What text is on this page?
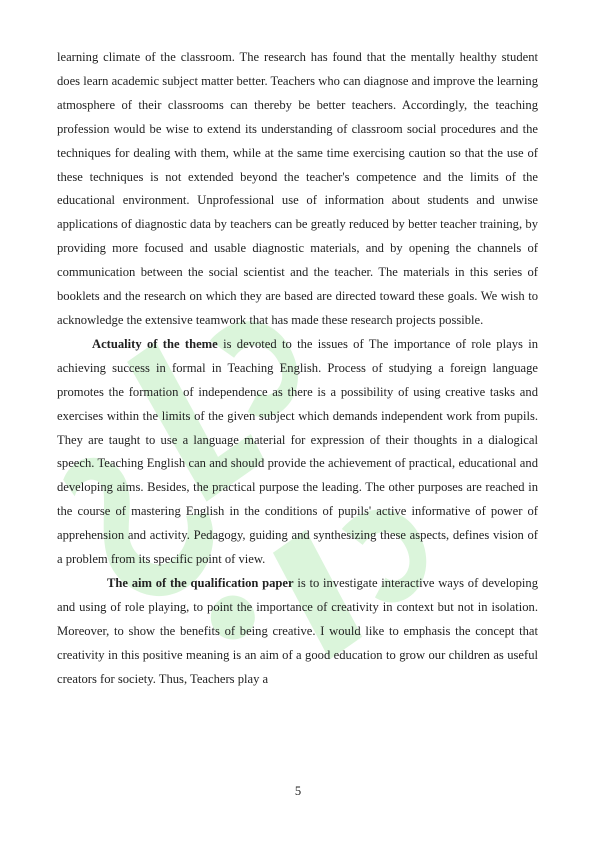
learning climate of the classroom. The research has found that the mentally healthy student does learn academic subject matter better. Teachers who can diagnose and improve the learning atmosphere of their classrooms can thereby be better teachers. Accordingly, the teaching profession would be wise to extend its understanding of classroom social procedures and the techniques for dealing with them, while at the same time exercising caution so that the use of these techniques is not extended beyond the teacher's competence and the limits of the educational environment. Unprofessional use of information about students and unwise applications of diagnostic data by teachers can be greatly reduced by better teacher training, by providing more focused and usable diagnostic materials, and by opening the channels of communication between the social scientist and the teacher. The materials in this series of booklets and the research on which they are based are directed toward these goals. We wish to acknowledge the extensive teamwork that has made these research projects possible.

Actuality of the theme is devoted to the issues of The importance of role plays in achieving success in formal in Teaching English. Process of studying a foreign language promotes the formation of independence as there is a possibility of using creative tasks and exercises within the limits of the given subject which demands independent work from pupils. They are taught to use a language material for expression of their thoughts in a dialogical speech. Teaching English can and should provide the achievement of practical, educational and developing aims. Besides, the practical purpose the leading. The other purposes are reached in the course of mastering English in the conditions of pupils' active informative of power of apprehension and activity. Pedagogy, guiding and synthesizing these aspects, defines vision of a problem from its specific point of view.

The aim of the qualification paper is to investigate interactive ways of developing and using of role playing, to point the importance of creativity in context but not in isolation. Moreover, to show the benefits of being creative. I would like to emphasis the concept that creativity in this positive meaning is an aim of a good education to grow our children as useful creators for society. Thus, Teachers play a

5
